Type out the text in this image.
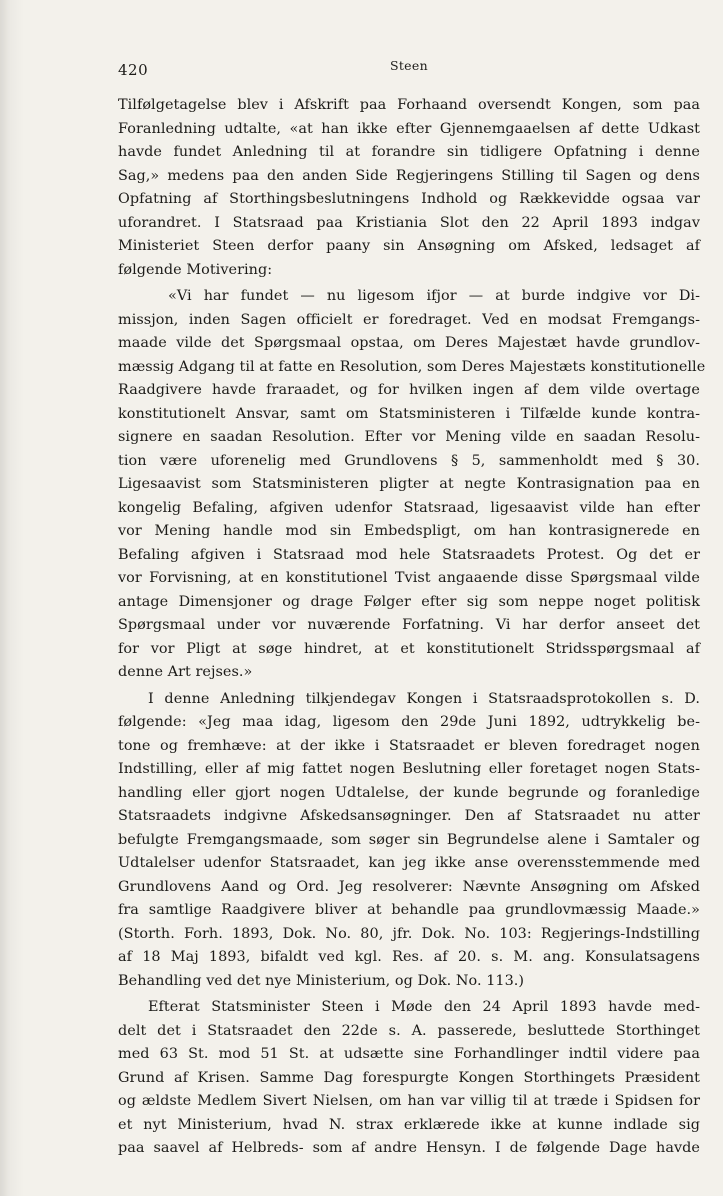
420	Steen
Tilfølgetagelse blev i Afskrift paa Forhaand oversendt Kongen, som paa
Foranledning udtalte, «at han ikke efter Gjennemgaaelsen af dette Udkast
havde fundet Anledning til at forandre sin tidligere Opfatning i denne
Sag,» medens paa den anden Side Regjeringens Stilling til Sagen og dens
Opfatning af Storthingsbeslutningens Indhold og Rækkevidde ogsaa var
uforandret. I Statsraad paa Kristiania Slot den 22 April 1893 indgav
Ministeriet Steen derfor paany sin Ansøgning om Afsked, ledsaget af
følgende Motivering:
«Vi har fundet — nu ligesom ifjor — at burde indgive vor Di-
missjon, inden Sagen officielt er foredraget. Ved en modsat Fremgangs-
maade vilde det Spørgsmaal opstaa, om Deres Majestæt havde grundlov-
mæssig Adgang til at fatte en Resolution, som Deres Majestæts konstitutionelle
Raadgivere havde fraraadet, og for hvilken ingen af dem vilde overtage
konstitutionelt Ansvar, samt om Statsministeren i Tilfælde kunde kontra-
signere en saadan Resolution. Efter vor Mening vilde en saadan Resolu-
tion være uforenelig med Grundlovens § 5, sammenholdt med § 30.
Ligesaavist som Statsministeren pligter at negte Kontrasignation paa en
kongelig Befaling, afgiven udenfor Statsraad, ligesaavist vilde han efter
vor Mening handle mod sin Embedspligt, om han kontrasignerede en
Befaling afgiven i Statsraad mod hele Statsraadets Protest. Og det er
vor Forvisning, at en konstitutionel Tvist angaaende disse Spørgsmaal vilde
antage Dimensjoner og drage Følger efter sig som neppe noget politisk
Spørgsmaal under vor nuværende Forfatning. Vi har derfor anseet det
for vor Pligt at søge hindret, at et konstitutionelt Stridsspørgsmaal af
denne Art rejses.»
I denne Anledning tilkjendegav Kongen i Statsraadsprotokollen s. D.
følgende: «Jeg maa idag, ligesom den 29de Juni 1892, udtrykkelig be-
tone og fremhæve: at der ikke i Statsraadet er bleven foredraget nogen
Indstilling, eller af mig fattet nogen Beslutning eller foretaget nogen Stats-
handling eller gjort nogen Udtalelse, der kunde begrunde og foranledige
Statsraadets indgivne Afskedsansøgninger. Den af Statsraadet nu atter
befulgte Fremgangsmaade, som søger sin Begrundelse alene i Samtaler og
Udtalelser udenfor Statsraadet, kan jeg ikke anse overensstemmende med
Grundlovens Aand og Ord. Jeg resolverer: Nævnte Ansøgning om Afsked
fra samtlige Raadgivere bliver at behandle paa grundlovmæssig Maade.»
(Storth. Forh. 1893, Dok. No. 80, jfr. Dok. No. 103: Regjerings-Indstilling
af 18 Maj 1893, bifaldt ved kgl. Res. af 20. s. M. ang. Konsulatsagens
Behandling ved det nye Ministerium, og Dok. No. 113.)
Efterat Statsminister Steen i Møde den 24 April 1893 havde med-
delt det i Statsraadet den 22de s. A. passerede, besluttede Storthinget
med 63 St. mod 51 St. at udsætte sine Forhandlinger indtil videre paa
Grund af Krisen. Samme Dag forespurgte Kongen Storthingets Præsident
og ældste Medlem Sivert Nielsen, om han var villig til at træde i Spidsen for
et nyt Ministerium, hvad N. strax erklærede ikke at kunne indlade sig
paa saavel af Helbreds- som af andre Hensyn. I de følgende Dage havde
